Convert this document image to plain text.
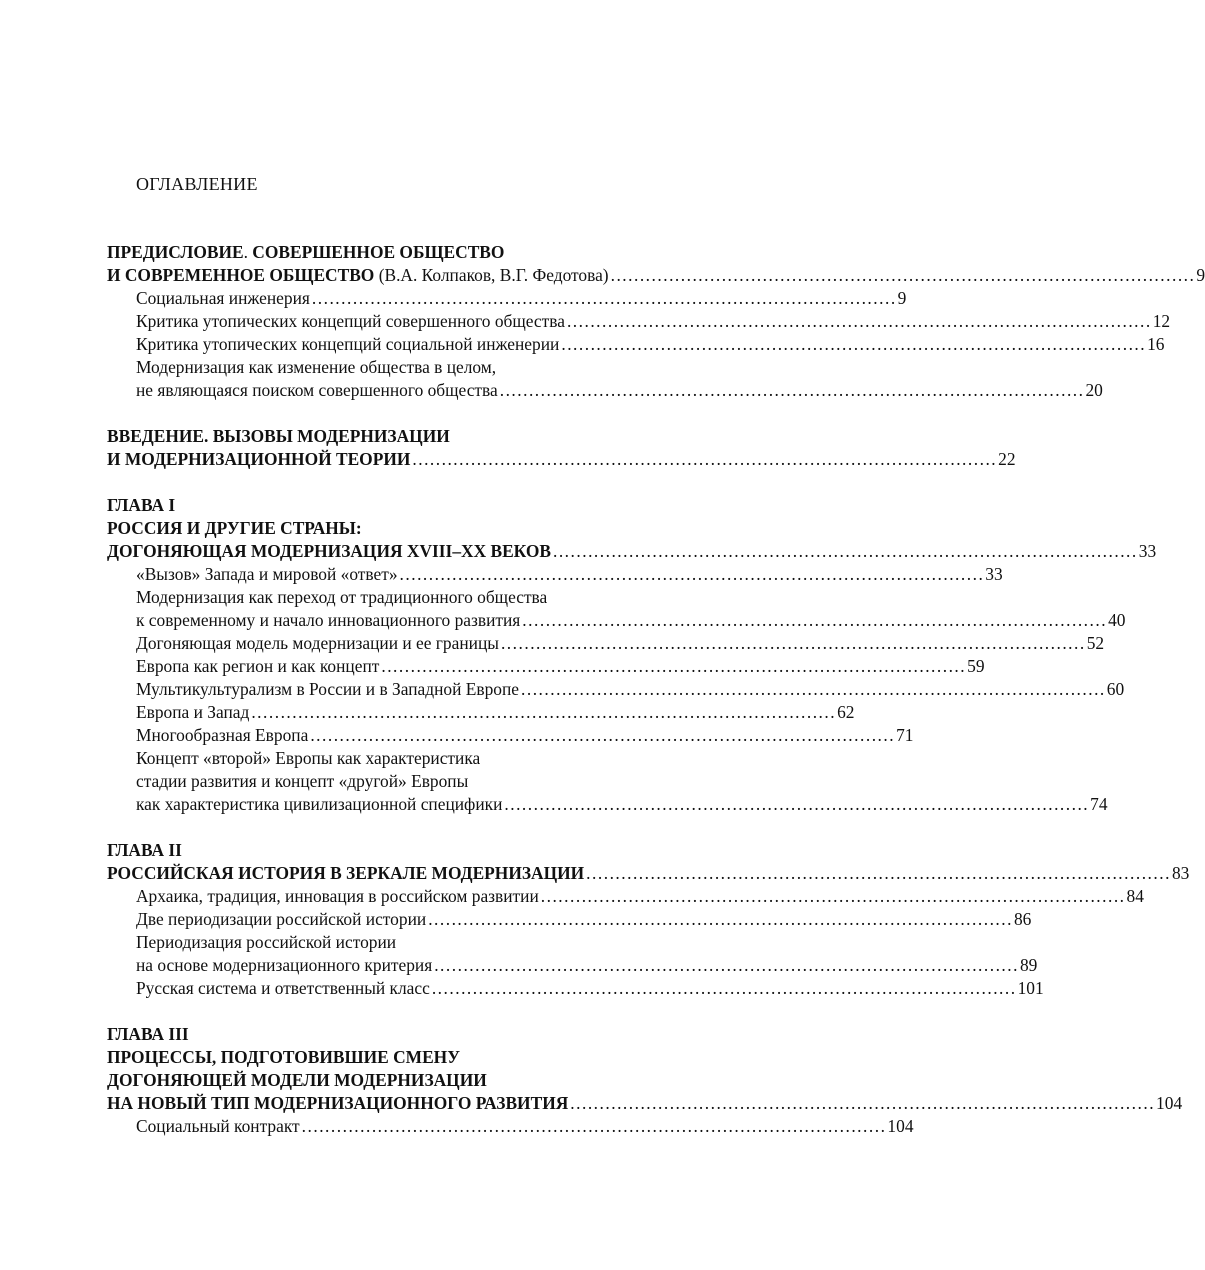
ОГЛАВЛЕНИЕ
ПРЕДИСЛОВИЕ. СОВЕРШЕННОЕ ОБЩЕСТВО
И СОВРЕМЕННОЕ ОБЩЕСТВО (В.А. Колпаков, В.Г. Федотова) .................................................................................................... 9
Социальная инженерия .................................................................................................... 9
Критика утопических концепций совершенного общества .................................................................................................... 12
Критика утопических концепций социальной инженерии .................................................................................................... 16
Модернизация как изменение общества в целом,
не являющаяся поиском совершенного общества .................................................................................................... 20
ВВЕДЕНИЕ. ВЫЗОВЫ МОДЕРНИЗАЦИИ
И МОДЕРНИЗАЦИОННОЙ ТЕОРИИ .................................................................................................... 22
ГЛАВА I
РОССИЯ И ДРУГИЕ СТРАНЫ:
ДОГОНЯЮЩАЯ МОДЕРНИЗАЦИЯ XVIII–XX ВЕКОВ .................................................................................................... 33
«Вызов» Запада и мировой «ответ» .................................................................................................... 33
Модернизация как переход от традиционного общества
к современному и начало инновационного развития .................................................................................................... 40
Догоняющая модель модернизации и ее границы .................................................................................................... 52
Европа как регион и как концепт .................................................................................................... 59
Мультикультурализм в России и в Западной Европе .................................................................................................... 60
Европа и Запад .................................................................................................... 62
Многообразная Европа .................................................................................................... 71
Концепт «второй» Европы как характеристика
стадии развития и концепт «другой» Европы
как характеристика цивилизационной специфики .................................................................................................... 74
ГЛАВА II
РОССИЙСКАЯ ИСТОРИЯ В ЗЕРКАЛЕ МОДЕРНИЗАЦИИ .................................................................................................... 83
Архаика, традиция, инновация в российском развитии .................................................................................................... 84
Две периодизации российской истории .................................................................................................... 86
Периодизация российской истории
на основе модернизационного критерия .................................................................................................... 89
Русская система и ответственный класс .................................................................................................... 101
ГЛАВА III
ПРОЦЕССЫ, ПОДГОТОВИВШИЕ СМЕНУ
ДОГОНЯЮЩЕЙ МОДЕЛИ МОДЕРНИЗАЦИИ
НА НОВЫЙ ТИП МОДЕРНИЗАЦИОННОГО РАЗВИТИЯ .................................................................................................... 104
Социальный контракт .................................................................................................... 104
